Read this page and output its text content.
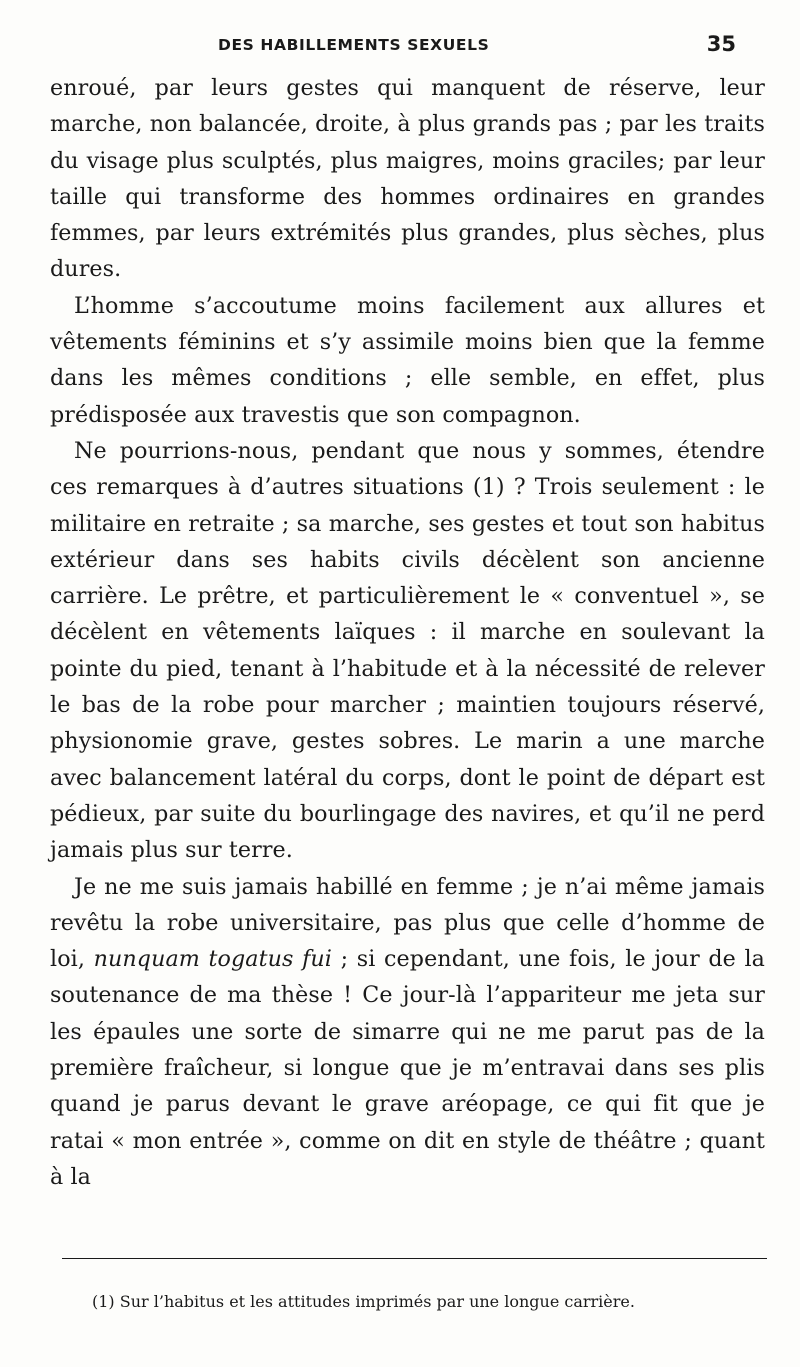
DES HABILLEMENTS SEXUELS	35

enroué, par leurs gestes qui manquent de réserve, leur marche, non balancée, droite, à plus grands pas ; par les traits du visage plus sculptés, plus maigres, moins graciles; par leur taille qui transforme des hommes ordinaires en grandes femmes, par leurs extrémités plus grandes, plus sèches, plus dures.

L’homme s’accoutume moins facilement aux allures et vêtements féminins et s’y assimile moins bien que la femme dans les mêmes conditions ; elle semble, en effet, plus prédisposée aux travestis que son compagnon.

Ne pourrions-nous, pendant que nous y sommes, étendre ces remarques à d’autres situations (1) ? Trois seulement : le militaire en retraite ; sa marche, ses gestes et tout son habitus extérieur dans ses habits civils décèlent son ancienne carrière. Le prêtre, et particulièrement le « conventuel », se décèlent en vêtements laïques : il marche en soulevant la pointe du pied, tenant à l’habitude et à la nécessité de relever le bas de la robe pour marcher ; maintien toujours réservé, physionomie grave, gestes sobres. Le marin a une marche avec balancement latéral du corps, dont le point de départ est pédieux, par suite du bourlingage des navires, et qu’il ne perd jamais plus sur terre.

Je ne me suis jamais habillé en femme ; je n’ai même jamais revêtu la robe universitaire, pas plus que celle d’homme de loi, nunquam togatus fui ; si cependant, une fois, le jour de la soutenance de ma thèse ! Ce jour-là l’appariteur me jeta sur les épaules une sorte de simarre qui ne me parut pas de la première fraîcheur, si longue que je m’entravai dans ses plis quand je parus devant le grave aréopage, ce qui fit que je ratai « mon entrée », comme on dit en style de théâtre ; quant à la

(1) Sur l’habitus et les attitudes imprimés par une longue carrière.
